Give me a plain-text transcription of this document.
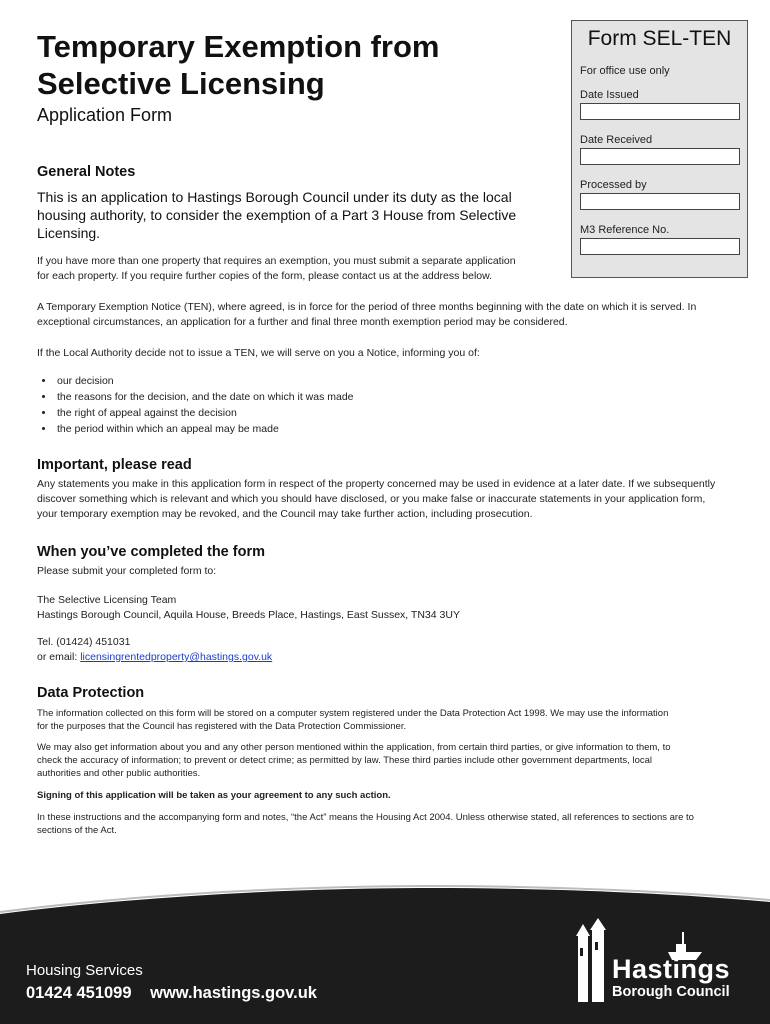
Temporary Exemption from Selective Licensing
Application Form
Form SEL-TEN
For office use only
Date Issued
Date Received
Processed by
M3 Reference No.
General Notes

This is an application to Hastings Borough Council under its duty as the local housing authority, to consider the exemption of a Part 3 House from Selective Licensing.

If you have more than one property that requires an exemption, you must submit a separate application for each property. If you require further copies of the form, please contact us at the address below.

A Temporary Exemption Notice (TEN), where agreed, is in force for the period of three months beginning with the date on which it is served. In exceptional circumstances, an application for a further and final three month exemption period may be considered.

If the Local Authority decide not to issue a TEN, we will serve on you a Notice, informing you of:

• our decision
• the reasons for the decision, and the date on which it was made
• the right of appeal against the decision
• the period within which an appeal may be made
Important, please read

Any statements you make in this application form in respect of the property concerned may be used in evidence at a later date. If we subsequently discover something which is relevant and which you should have disclosed, or you make false or inaccurate statements in your application form, your temporary exemption may be revoked, and the Council may take further action, including prosecution.

When you’ve completed the form

Please submit your completed form to:

The Selective Licensing Team

Hastings Borough Council, Aquila House, Breeds Place, Hastings, East Sussex, TN34 3UY

Tel. (01424) 451031

or email: licensingrentedproperty@hastings.gov.uk

Data Protection

The information collected on this form will be stored on a computer system registered under the Data Protection Act 1998. We may use the information for the purposes that the Council has registered with the Data Protection Commissioner.

We may also get information about you and any other person mentioned within the application, from certain third parties, or give information to them, to check the accuracy of information; to prevent or detect crime; as permitted by law. These third parties include other government departments, local authorities and other public authorities.

Signing of this application will be taken as your agreement to any such action.

In these instructions and the accompanying form and notes, “the Act” means the Housing Act 2004. Unless otherwise stated, all references to sections are to sections of the Act.

Hastings
Borough Council
Housing Services
01424 451099 www.hastings.gov.uk
